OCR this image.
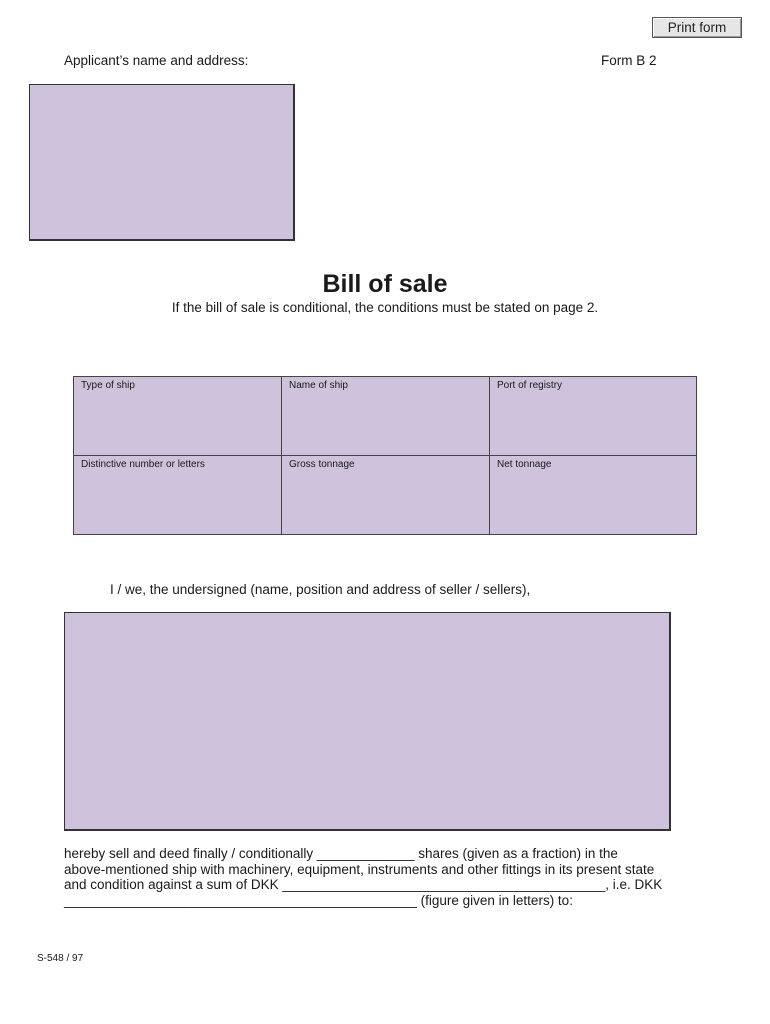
Print form
Applicant’s name and address:	Form B 2
Bill of sale
If the bill of sale is conditional, the conditions must be stated on page 2.
Type of ship	Name of ship	Port of registry
Distinctive number or letters	Gross tonnage	Net tonnage
I / we, the undersigned (name, position and address of seller / sellers),
hereby sell and deed finally / conditionally _____________ shares (given as a fraction) in the
above-mentioned ship with machinery, equipment, instruments and other fittings in its present state
and condition against a sum of DKK ___________________________________________, i.e. DKK
_______________________________________________ (figure given in letters) to:
S-548 / 97
